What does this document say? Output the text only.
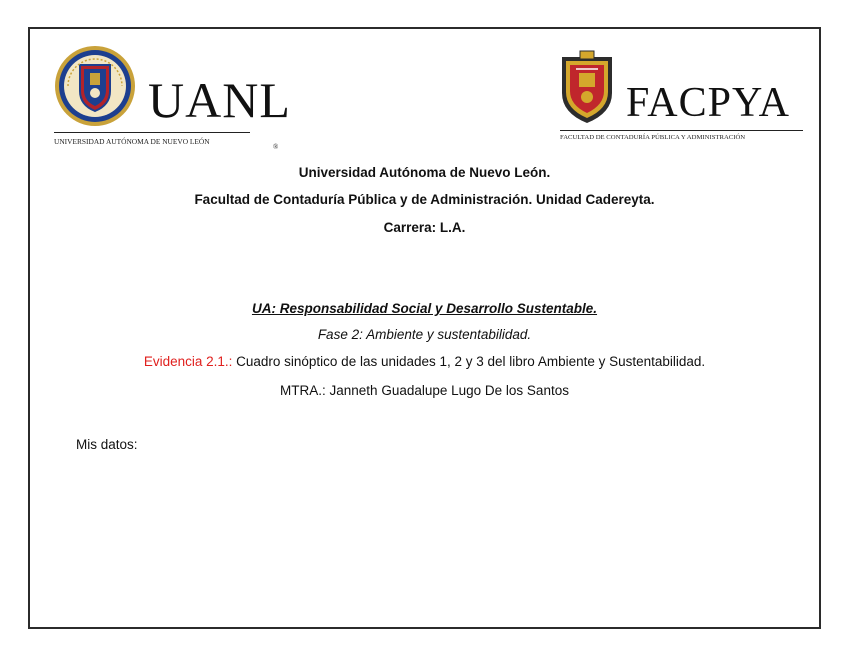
UANL
UNIVERSIDAD AUTÓNOMA DE NUEVO LEÓN
®
FACPYA
FACULTAD DE CONTADURÍA PÚBLICA Y ADMINISTRACIÓN
Universidad Autónoma de Nuevo León.
Facultad de Contaduría Pública y de Administración. Unidad Cadereyta.
Carrera: L.A.
UA: Responsabilidad Social y Desarrollo Sustentable.
Fase 2: Ambiente y sustentabilidad.
Evidencia 2.1.: Cuadro sinóptico de las unidades 1, 2 y 3 del libro Ambiente y Sustentabilidad.
MTRA.: Janneth Guadalupe Lugo De los Santos
Mis datos:
